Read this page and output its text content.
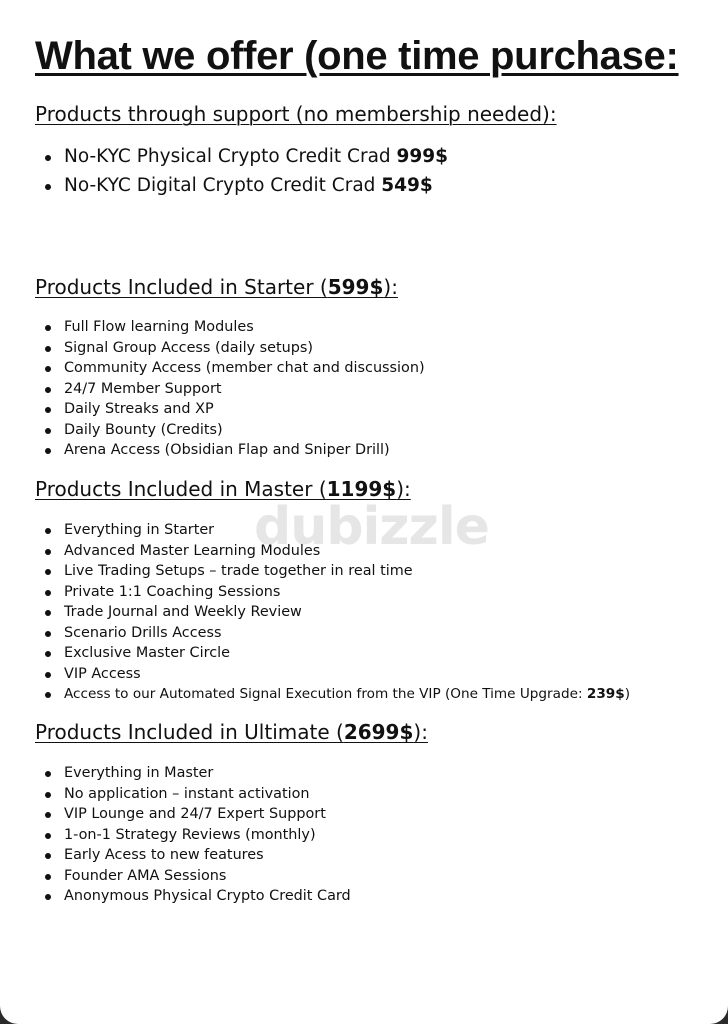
dubizzle
What we offer (one time purchase:
Products through support (no membership needed):
No-KYC Physical Crypto Credit Crad 999$
No-KYC Digital Crypto Credit Crad 549$
Products Included in Starter (599$):
Full Flow learning Modules
Signal Group Access (daily setups)
Community Access (member chat and discussion)
24/7 Member Support
Daily Streaks and XP
Daily Bounty (Credits)
Arena Access (Obsidian Flap and Sniper Drill)
Products Included in Master (1199$):
Everything in Starter
Advanced Master Learning Modules
Live Trading Setups – trade together in real time
Private 1:1 Coaching Sessions
Trade Journal and Weekly Review
Scenario Drills Access
Exclusive Master Circle
VIP Access
Access to our Automated Signal Execution from the VIP (One Time Upgrade: 239$)
Products Included in Ultimate (2699$):
Everything in Master
No application – instant activation
VIP Lounge and 24/7 Expert Support
1-on-1 Strategy Reviews (monthly)
Early Acess to new features
Founder AMA Sessions
Anonymous Physical Crypto Credit Card
